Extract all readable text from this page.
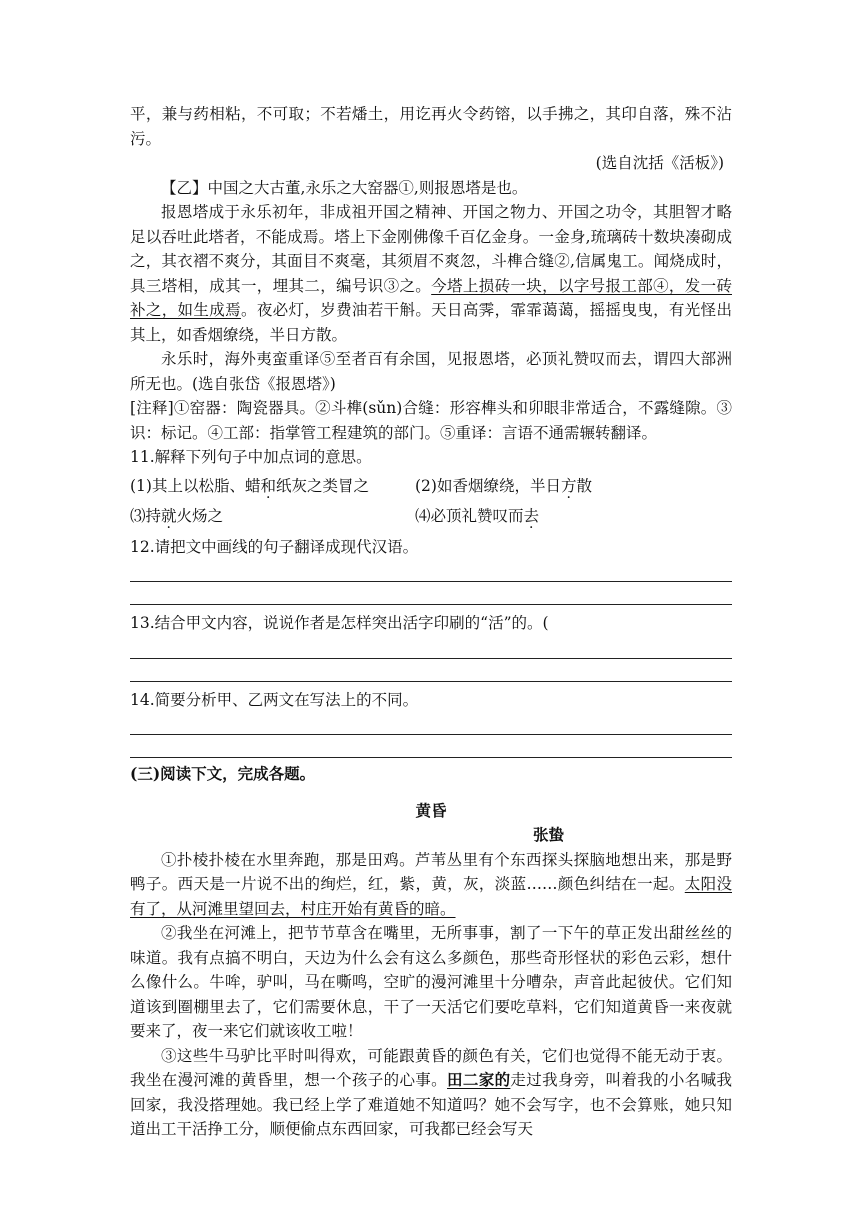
平，兼与药相粘，不可取；不若燔土，用讫再火令药镕，以手拂之，其印自落，殊不沾污。

(选自沈括《活板》)

【乙】中国之大古董,永乐之大窑器①,则报恩塔是也。

报恩塔成于永乐初年，非成祖开国之精神、开国之物力、开国之功令，其胆智才略足以吞吐此塔者，不能成焉。塔上下金刚佛像千百亿金身。一金身,琉璃砖十数块凑砌成之，其衣褶不爽分，其面目不爽毫，其须眉不爽忽，斗榫合缝②,信属鬼工。闻烧成时，具三塔相，成其一，埋其二，编号识③之。今塔上损砖一块，以字号报工部④，发一砖补之，如生成焉。夜必灯，岁费油若干斛。天日高霁，霏霏蔼蔼，摇摇曳曳，有光怪出其上，如香烟缭绕，半日方散。

永乐时，海外夷蛮重译⑤至者百有余国，见报恩塔，必顶礼赞叹而去，谓四大部洲所无也。(选自张岱《报恩塔》)

[注释]①窑器：陶瓷器具。②斗榫(sǔn)合缝：形容榫头和卯眼非常适合，不露缝隙。③识：标记。④工部：指掌管工程建筑的部门。⑤重译：言语不通需辗转翻译。

11.解释下列句子中加点词的意思。

(1)其上以松脂、蜡和纸灰之类冒之	(2)如香烟缭绕，半日方散
⑶持就火炀之	⑷必顶礼赞叹而去

12.请把文中画线的句子翻译成现代汉语。

13.结合甲文内容，说说作者是怎样突出活字印刷的“活”的。(

14.简要分析甲、乙两文在写法上的不同。

(三)阅读下文，完成各题。

黄昏

张蛰

①扑棱扑棱在水里奔跑，那是田鸡。芦苇丛里有个东西探头探脑地想出来，那是野鸭子。西天是一片说不出的绚烂，红，紫，黄，灰，淡蓝……颜色纠结在一起。太阳没有了，从河滩里望回去，村庄开始有黄昏的暗。

②我坐在河滩上，把节节草含在嘴里，无所事事，割了一下午的草正发出甜丝丝的味道。我有点搞不明白，天边为什么会有这么多颜色，那些奇形怪状的彩色云彩，想什么像什么。牛哞，驴叫，马在嘶鸣，空旷的漫河滩里十分嘈杂，声音此起彼伏。它们知道该到圈棚里去了，它们需要休息，干了一天活它们要吃草料，它们知道黄昏一来夜就要来了，夜一来它们就该收工啦！

③这些牛马驴比平时叫得欢，可能跟黄昏的颜色有关，它们也觉得不能无动于衷。我坐在漫河滩的黄昏里，想一个孩子的心事。田二家的走过我身旁，叫着我的小名喊我回家，我没搭理她。我已经上学了难道她不知道吗？她不会写字，也不会算账，她只知道出工干活挣工分，顺便偷点东西回家，可我都已经会写天
